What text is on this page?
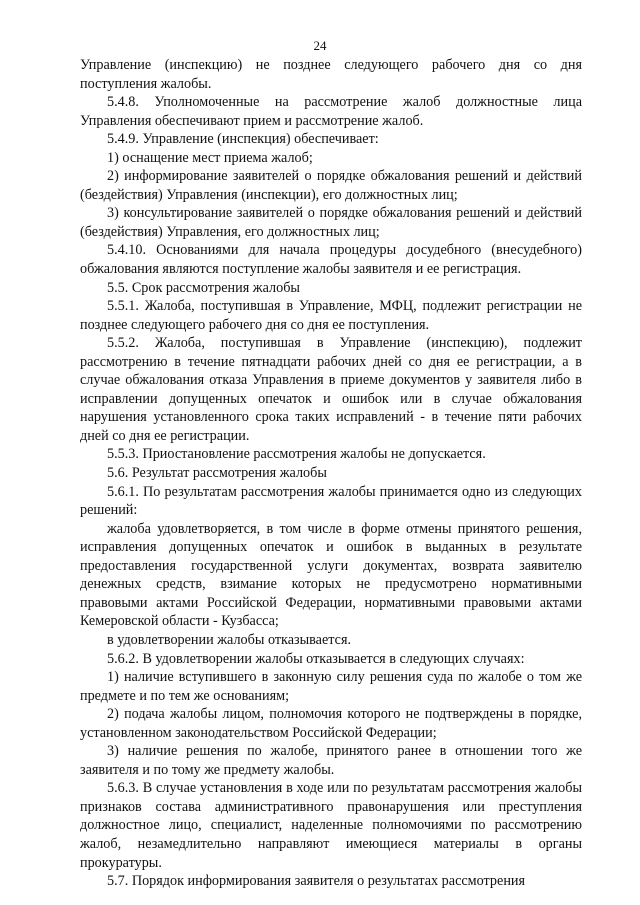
24

Управление (инспекцию) не позднее следующего рабочего дня со дня поступления жалобы.

5.4.8. Уполномоченные на рассмотрение жалоб должностные лица Управления обеспечивают прием и рассмотрение жалоб.

5.4.9. Управление (инспекция) обеспечивает:

1) оснащение мест приема жалоб;

2) информирование заявителей о порядке обжалования решений и действий (бездействия) Управления (инспекции), его должностных лиц;

3) консультирование заявителей о порядке обжалования решений и действий (бездействия) Управления, его должностных лиц;

5.4.10. Основаниями для начала процедуры досудебного (внесудебного) обжалования являются поступление жалобы заявителя и ее регистрация.

5.5. Срок рассмотрения жалобы

5.5.1. Жалоба, поступившая в Управление, МФЦ, подлежит регистрации не позднее следующего рабочего дня со дня ее поступления.

5.5.2. Жалоба, поступившая в Управление (инспекцию), подлежит рассмотрению в течение пятнадцати рабочих дней со дня ее регистрации, а в случае обжалования отказа Управления в приеме документов у заявителя либо в исправлении допущенных опечаток и ошибок или в случае обжалования нарушения установленного срока таких исправлений - в течение пяти рабочих дней со дня ее регистрации.

5.5.3. Приостановление рассмотрения жалобы не допускается.

5.6. Результат рассмотрения жалобы

5.6.1. По результатам рассмотрения жалобы принимается одно из следующих решений:

жалоба удовлетворяется, в том числе в форме отмены принятого решения, исправления допущенных опечаток и ошибок в выданных в результате предоставления государственной услуги документах, возврата заявителю денежных средств, взимание которых не предусмотрено нормативными правовыми актами Российской Федерации, нормативными правовыми актами Кемеровской области - Кузбасса;

в удовлетворении жалобы отказывается.

5.6.2. В удовлетворении жалобы отказывается в следующих случаях:

1) наличие вступившего в законную силу решения суда по жалобе о том же предмете и по тем же основаниям;

2) подача жалобы лицом, полномочия которого не подтверждены в порядке, установленном законодательством Российской Федерации;

3) наличие решения по жалобе, принятого ранее в отношении того же заявителя и по тому же предмету жалобы.

5.6.3. В случае установления в ходе или по результатам рассмотрения жалобы признаков состава административного правонарушения или преступления должностное лицо, специалист, наделенные полномочиями по рассмотрению жалоб, незамедлительно направляют имеющиеся материалы в органы прокуратуры.

5.7. Порядок информирования заявителя о результатах рассмотрения
